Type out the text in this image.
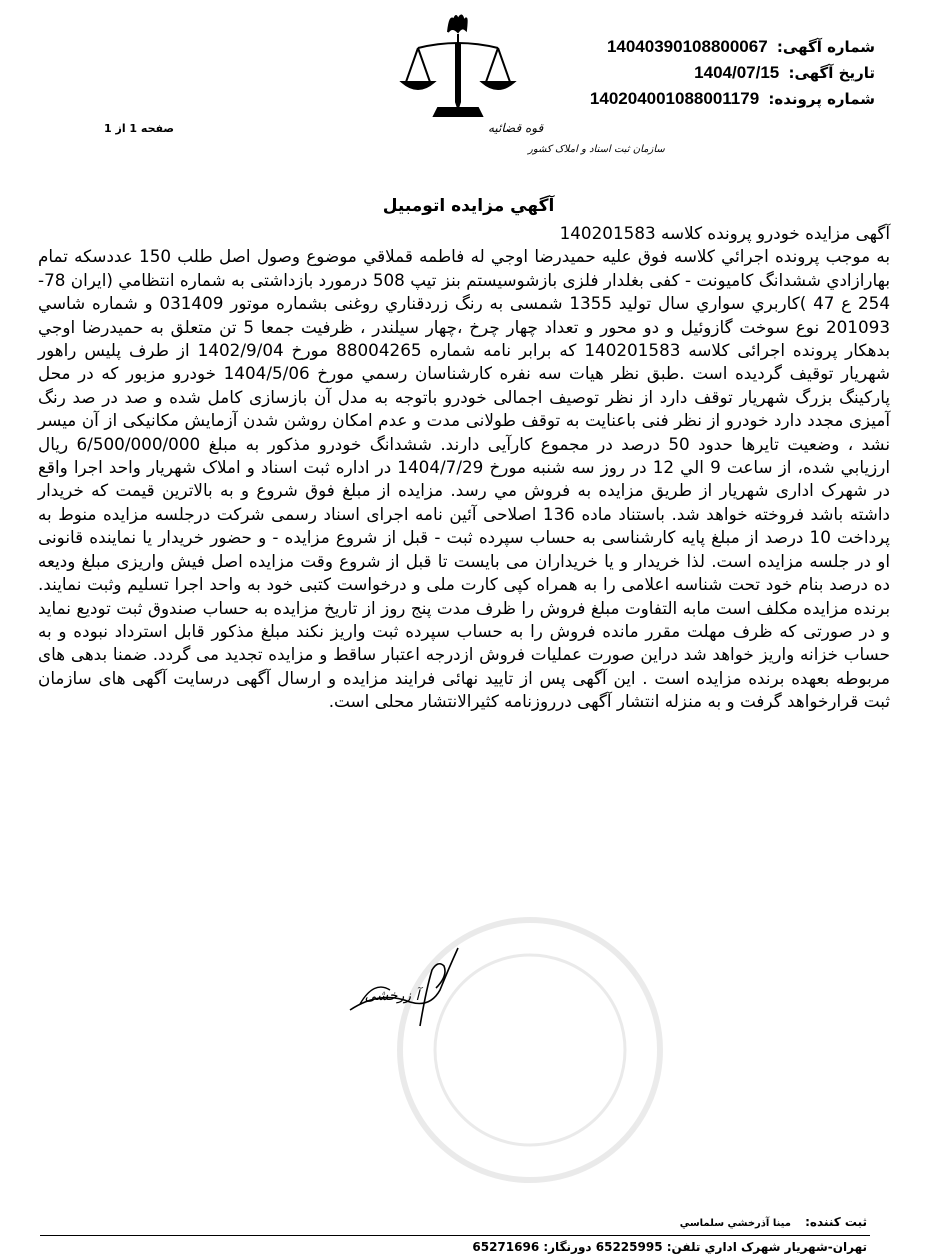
شماره آگهی: 14040390108800067
تاریخ آگهی: 1404/07/15
شماره پرونده: 140204001088001179
قوه قضائیه
سازمان ثبت اسناد و املاک کشور
صفحه 1 از 1
آگهي مزايده اتومبيل

آگهی مزایده خودرو پرونده کلاسه 140201583

به موجب پرونده اجرائي كلاسه فوق عليه حميدرضا اوجي له فاطمه قملاقي موضوع وصول اصل طلب 150 عددسکه تمام بهارازادي ششدانگ کامیونت - كفی بغلدار فلزی بازشوسیستم بنز تیپ 508 درمورد بازداشتی به شماره انتظامي (ایران 78- 254 ع 47 )کاربري سواري سال تولید 1355 شمسی به رنگ زردقناري روغنی بشماره موتور 031409 و شماره شاسي 201093 نوع سوخت گازوئیل و دو محور و تعداد چهار چرخ ،چهار سیلندر ، ظرفیت جمعا 5 تن متعلق به حمیدرضا اوجي بدهکار پرونده اجرائی کلاسه 140201583 که برابر نامه شماره 88004265 مورخ 1402/9/04 از طرف پلیس راهور شهریار توقیف گردیده است .طبق نظر هيات سه نفره كارشناسان رسمي مورخ 1404/5/06 خودرو مزبور که در محل پارکینگ بزرگ شهریار توقف دارد از نظر توصیف اجمالی خودرو باتوجه به مدل آن بازسازی کامل شده و صد در صد رنگ آمیزی مجدد دارد خودرو از نظر فنی باعنایت به توقف طولانی مدت و عدم امکان روشن شدن آزمایش مکانیکی از آن میسر نشد ، وضعیت تایرها حدود 50 درصد در مجموع کارآیی دارند. ششدانگ خودرو مذكور به مبلغ 6/500/000/000 ريال ارزيابي شده، از ساعت 9 الي 12 در روز سه شنبه مورخ 1404/7/29 در اداره ثبت اسناد و املاک شهریار واحد اجرا واقع در شهرک اداری شهریار از طريق مزايده به فروش مي رسد. مزایده از مبلغ فوق شروع و به بالاترین قیمت که خریدار داشته باشد فروخته خواهد شد. باستناد ماده 136 اصلاحی آئین نامه اجرای اسناد رسمی شرکت درجلسه مزایده منوط به پرداخت 10 درصد از مبلغ پایه کارشناسی به حساب سپرده ثبت - قبل از شروع مزایده - و حضور خریدار یا نماینده قانونی او در جلسه مزایده است. لذا خریدار و یا خریداران می بایست تا قبل از شروع وقت مزایده اصل فیش واریزی مبلغ ودیعه ده درصد بنام خود تحت شناسه اعلامی را به همراه کپی کارت ملی و درخواست کتبی خود به واحد اجرا تسلیم وثبت نمایند. برنده مزایده مکلف است مابه التفاوت مبلغ فروش را ظرف مدت پنج روز از تاریخ مزایده به حساب صندوق ثبت تودیع نماید و در صورتی که ظرف مهلت مقرر مانده فروش را به حساب سپرده ثبت واریز نکند مبلغ مذکور قابل استرداد نبوده و به حساب خزانه واریز خواهد شد دراین صورت عملیات فروش ازدرجه اعتبار ساقط و مزایده تجدید می گردد. ضمنا بدهی های مربوطه بعهده برنده مزایده است . این آگهی پس از تایید نهائی فرایند مزایده و ارسال آگهی درسایت آگهی های سازمان ثبت قرارخواهد گرفت و به منزله انتشار آگهی درروزنامه کثیرالانتشار محلی است.

آ زرخشی
ثبت كننده: مينا آذرخشي سلماسي
تهران-شهریار شهرک اداري تلفن: 65225995 دورنگار: 65271696
